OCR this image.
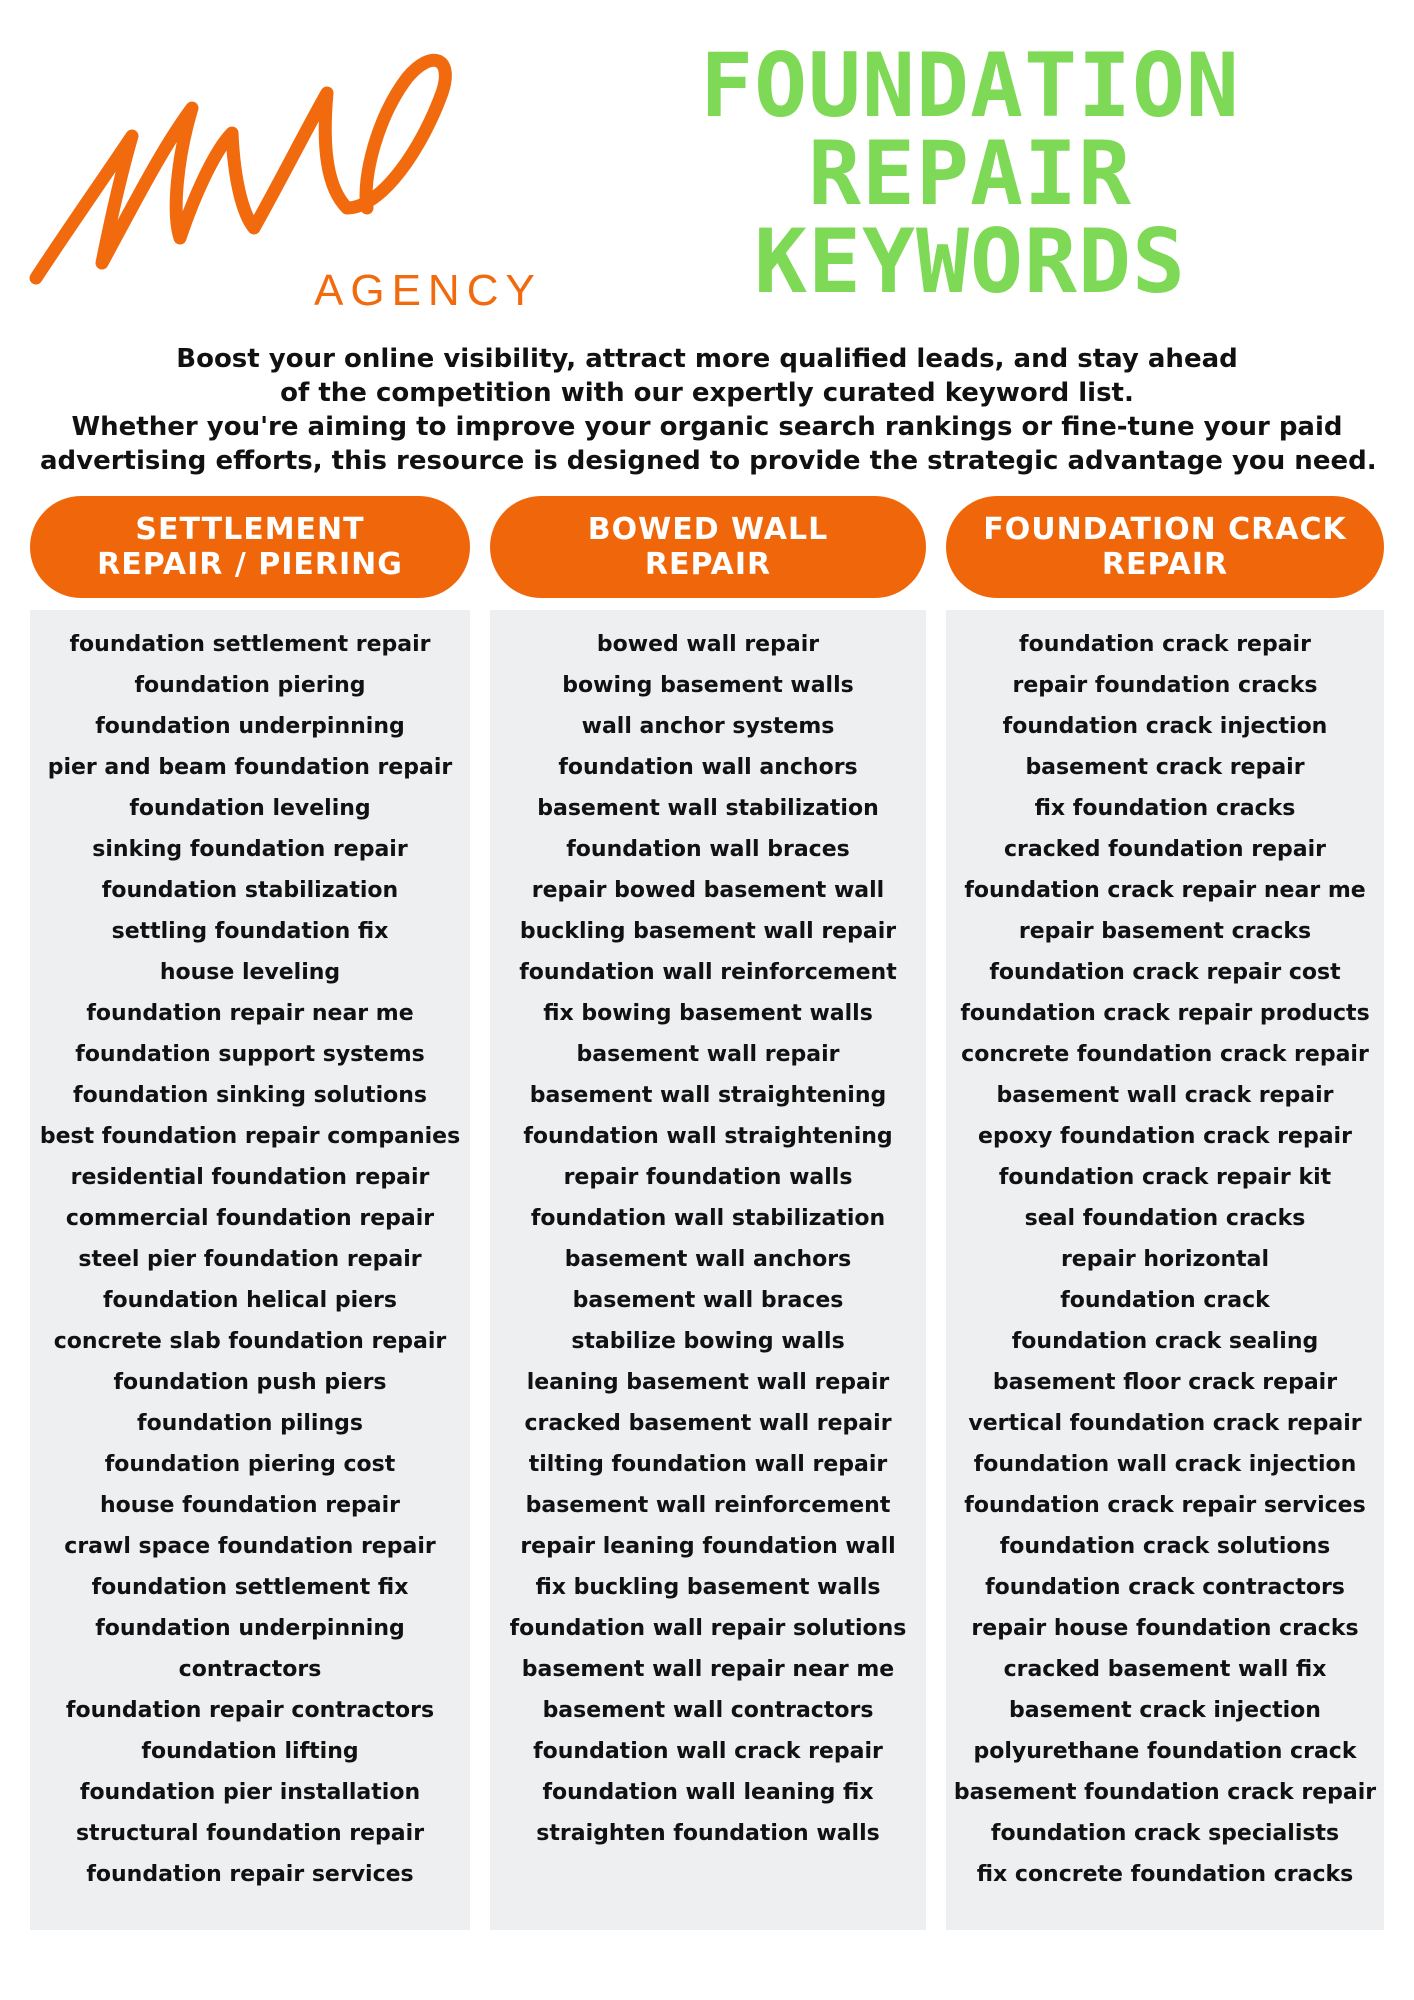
AGENCY
FOUNDATION
REPAIR
KEYWORDS
Boost your online visibility, attract more qualified leads, and stay ahead
of the competition with our expertly curated keyword list.
Whether you're aiming to improve your organic search rankings or fine-tune your paid
advertising efforts, this resource is designed to provide the strategic advantage you need.
SETTLEMENT
REPAIR / PIERING
BOWED WALL
REPAIR
FOUNDATION CRACK
REPAIR
foundation settlement repair
foundation piering
foundation underpinning
pier and beam foundation repair
foundation leveling
sinking foundation repair
foundation stabilization
settling foundation fix
house leveling
foundation repair near me
foundation support systems
foundation sinking solutions
best foundation repair companies
residential foundation repair
commercial foundation repair
steel pier foundation repair
foundation helical piers
concrete slab foundation repair
foundation push piers
foundation pilings
foundation piering cost
house foundation repair
crawl space foundation repair
foundation settlement fix
foundation underpinning
contractors
foundation repair contractors
foundation lifting
foundation pier installation
structural foundation repair
foundation repair services
bowed wall repair
bowing basement walls
wall anchor systems
foundation wall anchors
basement wall stabilization
foundation wall braces
repair bowed basement wall
buckling basement wall repair
foundation wall reinforcement
fix bowing basement walls
basement wall repair
basement wall straightening
foundation wall straightening
repair foundation walls
foundation wall stabilization
basement wall anchors
basement wall braces
stabilize bowing walls
leaning basement wall repair
cracked basement wall repair
tilting foundation wall repair
basement wall reinforcement
repair leaning foundation wall
fix buckling basement walls
foundation wall repair solutions
basement wall repair near me
basement wall contractors
foundation wall crack repair
foundation wall leaning fix
straighten foundation walls
foundation crack repair
repair foundation cracks
foundation crack injection
basement crack repair
fix foundation cracks
cracked foundation repair
foundation crack repair near me
repair basement cracks
foundation crack repair cost
foundation crack repair products
concrete foundation crack repair
basement wall crack repair
epoxy foundation crack repair
foundation crack repair kit
seal foundation cracks
repair horizontal
foundation crack
foundation crack sealing
basement floor crack repair
vertical foundation crack repair
foundation wall crack injection
foundation crack repair services
foundation crack solutions
foundation crack contractors
repair house foundation cracks
cracked basement wall fix
basement crack injection
polyurethane foundation crack
basement foundation crack repair
foundation crack specialists
fix concrete foundation cracks
